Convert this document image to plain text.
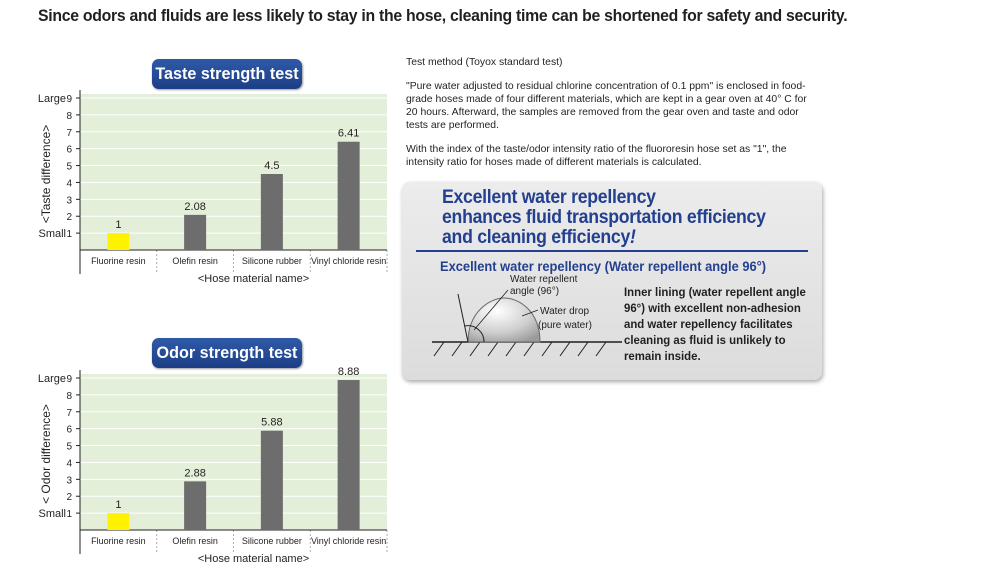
Since odors and fluids are less likely to stay in the hose, cleaning time can be shortened for safety and security.
Taste strength test
1
2
3
4
5
6
7
8
9
Large
Small
<Taste difference>
1
Fluorine resin
2.08
Olefin resin
4.5
Silicone rubber
6.41
Vinyl chloride resin
<Hose material name>
Odor strength test
1
2
3
4
5
6
7
8
9
Large
Small
< Odor difference>
1
Fluorine resin
2.88
Olefin resin
5.88
Silicone rubber
8.88
Vinyl chloride resin
<Hose material name>

Test method (Toyox standard test)

"Pure water adjusted to residual chlorine concentration of 0.1 ppm" is enclosed in food-grade hoses made of four different materials, which are kept in a gear oven at 40° C for 20 hours. Afterward, the samples are removed from the gear oven and taste and odor tests are performed.

With the index of the taste/odor intensity ratio of the fluororesin hose set as "1", the intensity ratio for hoses made of different materials is calculated.

Excellent water repellency
enhances fluid transportation efficiency
and cleaning efficiency!
Excellent water repellency (Water repellent angle 96°)
Water repellent
angle (96°)
Water drop
(pure water)
Inner lining (water repellent angle 96°) with excellent non-adhesion and water repellency facilitates cleaning as fluid is unlikely to remain inside.
